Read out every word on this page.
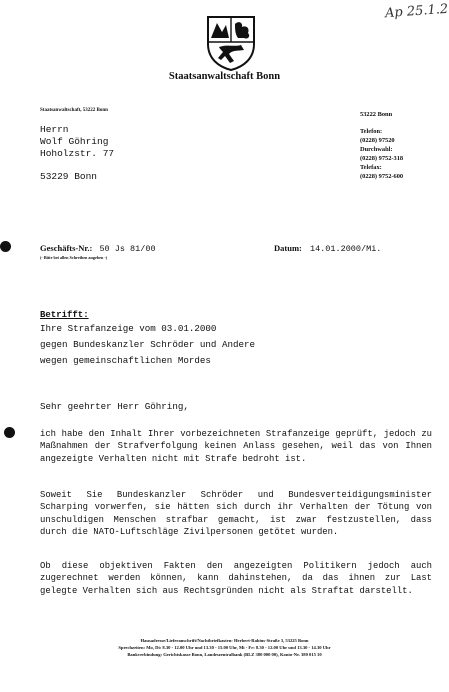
Staatsanwaltschaft Bonn
Ap 25.1.2
Staatsanwaltschaft, 53222 Bonn
Herrn
Wolf Göhring
Hoholzstr. 77
53229 Bonn
53222 Bonn
Telefon:
(0228) 97520
Durchwahl:
(0228) 9752-318
Telefax:
(0228) 9752-600
Geschäfts-Nr.: 50 Js 81/00
(- Bitte bei allen Schreiben angeben -)
Datum: 14.01.2000/Mi.
Betrifft:
Ihre Strafanzeige vom 03.01.2000
gegen Bundeskanzler Schröder und Andere
wegen gemeinschaftlichen Mordes
Sehr geehrter Herr Göhring,
ich habe den Inhalt Ihrer vorbezeichneten Strafanzeige geprüft, jedoch zu Maßnahmen der Strafverfolgung keinen Anlass gesehen, weil das von Ihnen angezeigte Verhalten nicht mit Strafe bedroht ist.
Soweit Sie Bundeskanzler Schröder und Bundesverteidigungsminister Scharping vorwerfen, sie hätten sich durch ihr Verhalten der Tötung von unschuldigen Menschen strafbar gemacht, ist zwar festzustellen, dass durch die NATO-Luftschläge Zivilpersonen getötet wurden.
Ob diese objektiven Fakten den angezeigten Politikern jedoch auch zugerechnet werden können, kann dahinstehen, da das ihnen zur Last gelegte Verhalten sich aus Rechtsgründen nicht als Straftat darstellt.
Hausadresse/Lieferanschrift/Nachtbriefkasten: Herbert-Rabius-Straße 3, 53225 Bonn
Sprechzeiten: Mo, Di: 8.30 - 12.00 Uhr und 13.30 - 15.00 Uhr, Mi - Fr: 8.30 - 12.00 Uhr und 13.30 - 14.30 Uhr
Bankverbindung: Gerichtskasse Bonn, Landeszentralbank (BLZ 380 000 00), Konto-Nr. 380 015 10
